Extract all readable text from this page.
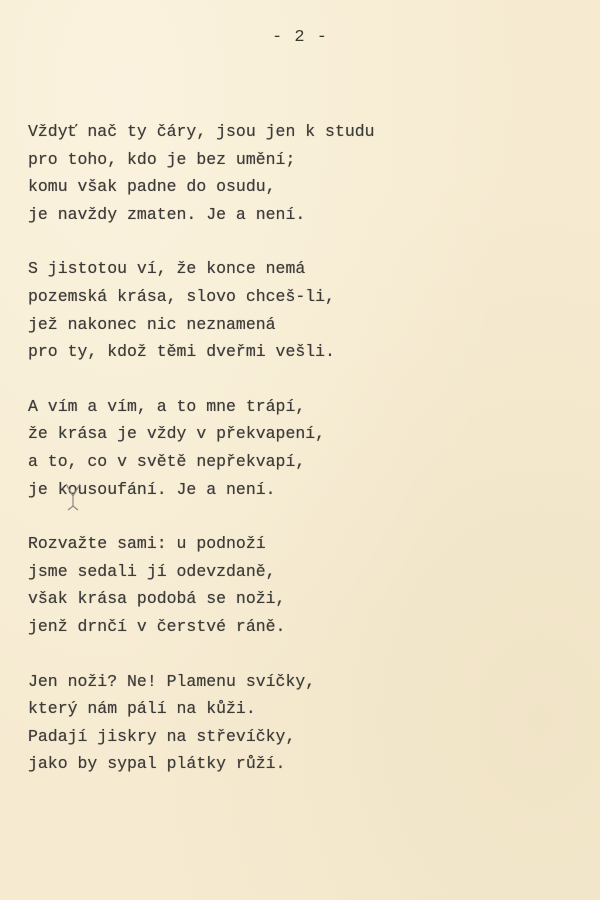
- 2 -
Vždyť nač ty čáry, jsou jen k studu
pro toho, kdo je bez umění;
komu však padne do osudu,
je navždy zmaten. Je a není.
S jistotou ví, že konce nemá
pozemská krása, slovo chceš-li,
jež nakonec nic neznamená
pro ty, kdož těmi dveřmi vešli.
A vím a vím, a to mne trápí,
že krása je vždy v překvapení,
a to, co v světě nepřekvapí,
je kousoufání. Je a není.
Rozvažte sami: u podnoží
jsme sedali jí odevzdaně,
však krása podobá se noži,
jenž drnčí v čerstvé ráně.
Jen noži? Ne! Plamenu svíčky,
který nám pálí na kůži.
Padají jiskry na střevíčky,
jako by sypal plátky růží.
